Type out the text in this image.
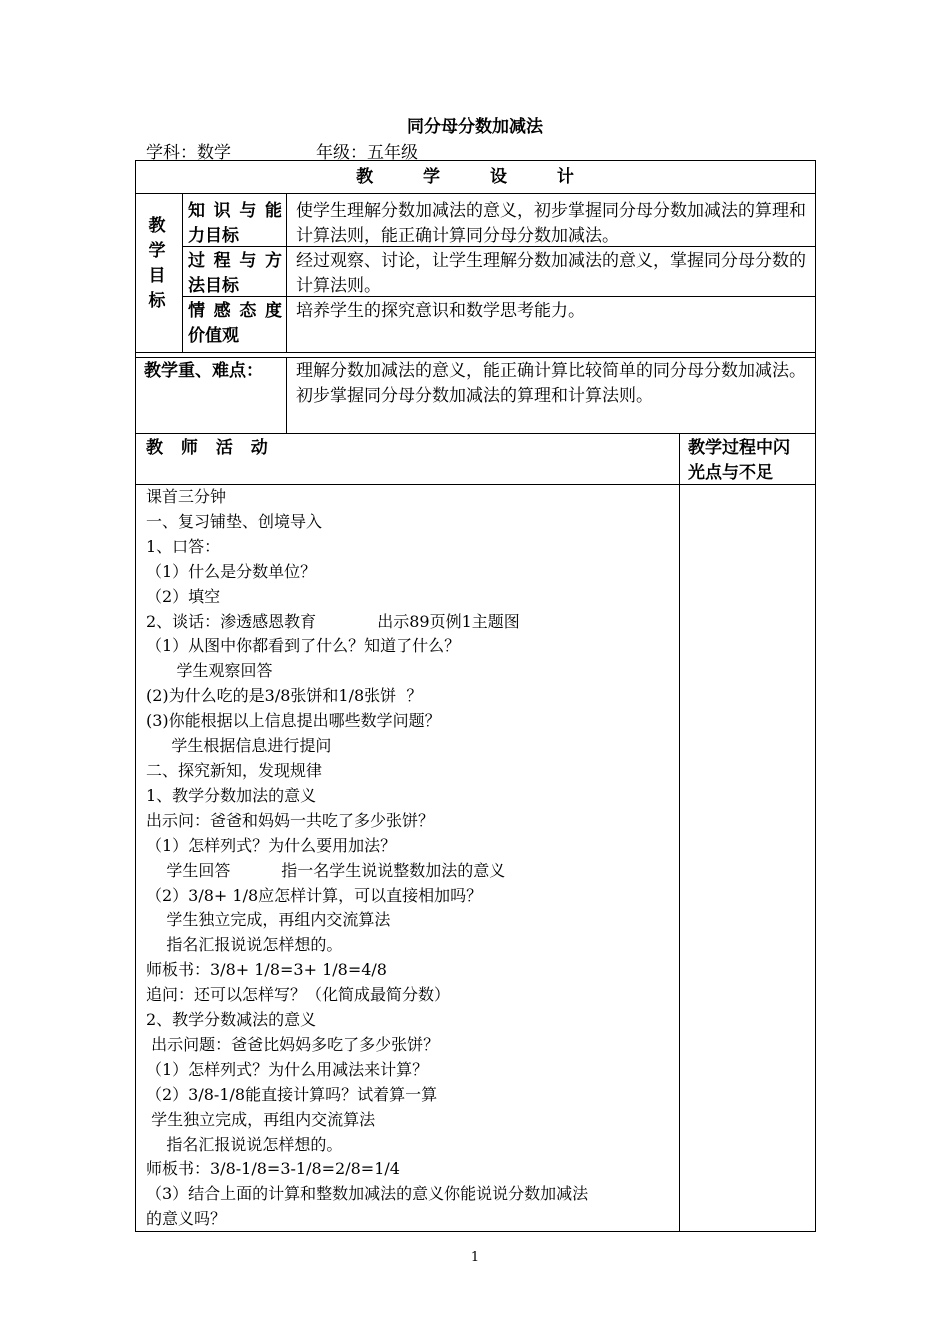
同分母分数加减法
学科：数学	年级：五年级
教 学 设 计
教
学
目
标
知识与能
力目标
使学生理解分数加减法的意义，初步掌握同分母分数加减法的算理和计算法则，能正确计算同分母分数加减法。
过程与方
法目标
经过观察、讨论，让学生理解分数加减法的意义，掌握同分母分数的计算法则。
情感态度
价值观
培养学生的探究意识和数学思考能力。
教学重、难点： 理解分数加减法的意义，能正确计算比较简单的同分母分数加减法。
初步掌握同分母分数加减法的算理和计算法则。
教 师 活 动	教学过程中闪
光点与不足
课首三分钟
一、复习铺垫、创境导入
1、口答：
（1）什么是分数单位？
（2）填空
2、谈话：渗透感恩教育            出示89页例1主题图
（1）从图中你都看到了什么？知道了什么？
学生观察回答
(2)为什么吃的是3/8张饼和1/8张饼  ？
(3)你能根据以上信息提出哪些数学问题？
学生根据信息进行提问
二、探究新知，发现规律
1、教学分数加法的意义
出示问：爸爸和妈妈一共吃了多少张饼？
（1）怎样列式？为什么要用加法？
学生回答          指一名学生说说整数加法的意义
（2）3/8+ 1/8应怎样计算，可以直接相加吗？
学生独立完成，再组内交流算法
指名汇报说说怎样想的。
师板书：3/8+ 1/8=3+ 1/8=4/8
追问：还可以怎样写？（化简成最简分数）
2、教学分数减法的意义
出示问题：爸爸比妈妈多吃了多少张饼？
（1）怎样列式？为什么用减法来计算？
（2）3/8-1/8能直接计算吗？试着算一算
学生独立完成，再组内交流算法
指名汇报说说怎样想的。
师板书：3/8-1/8=3-1/8=2/8=1/4
（3）结合上面的计算和整数加减法的意义你能说说分数加减法
的意义吗？
1
